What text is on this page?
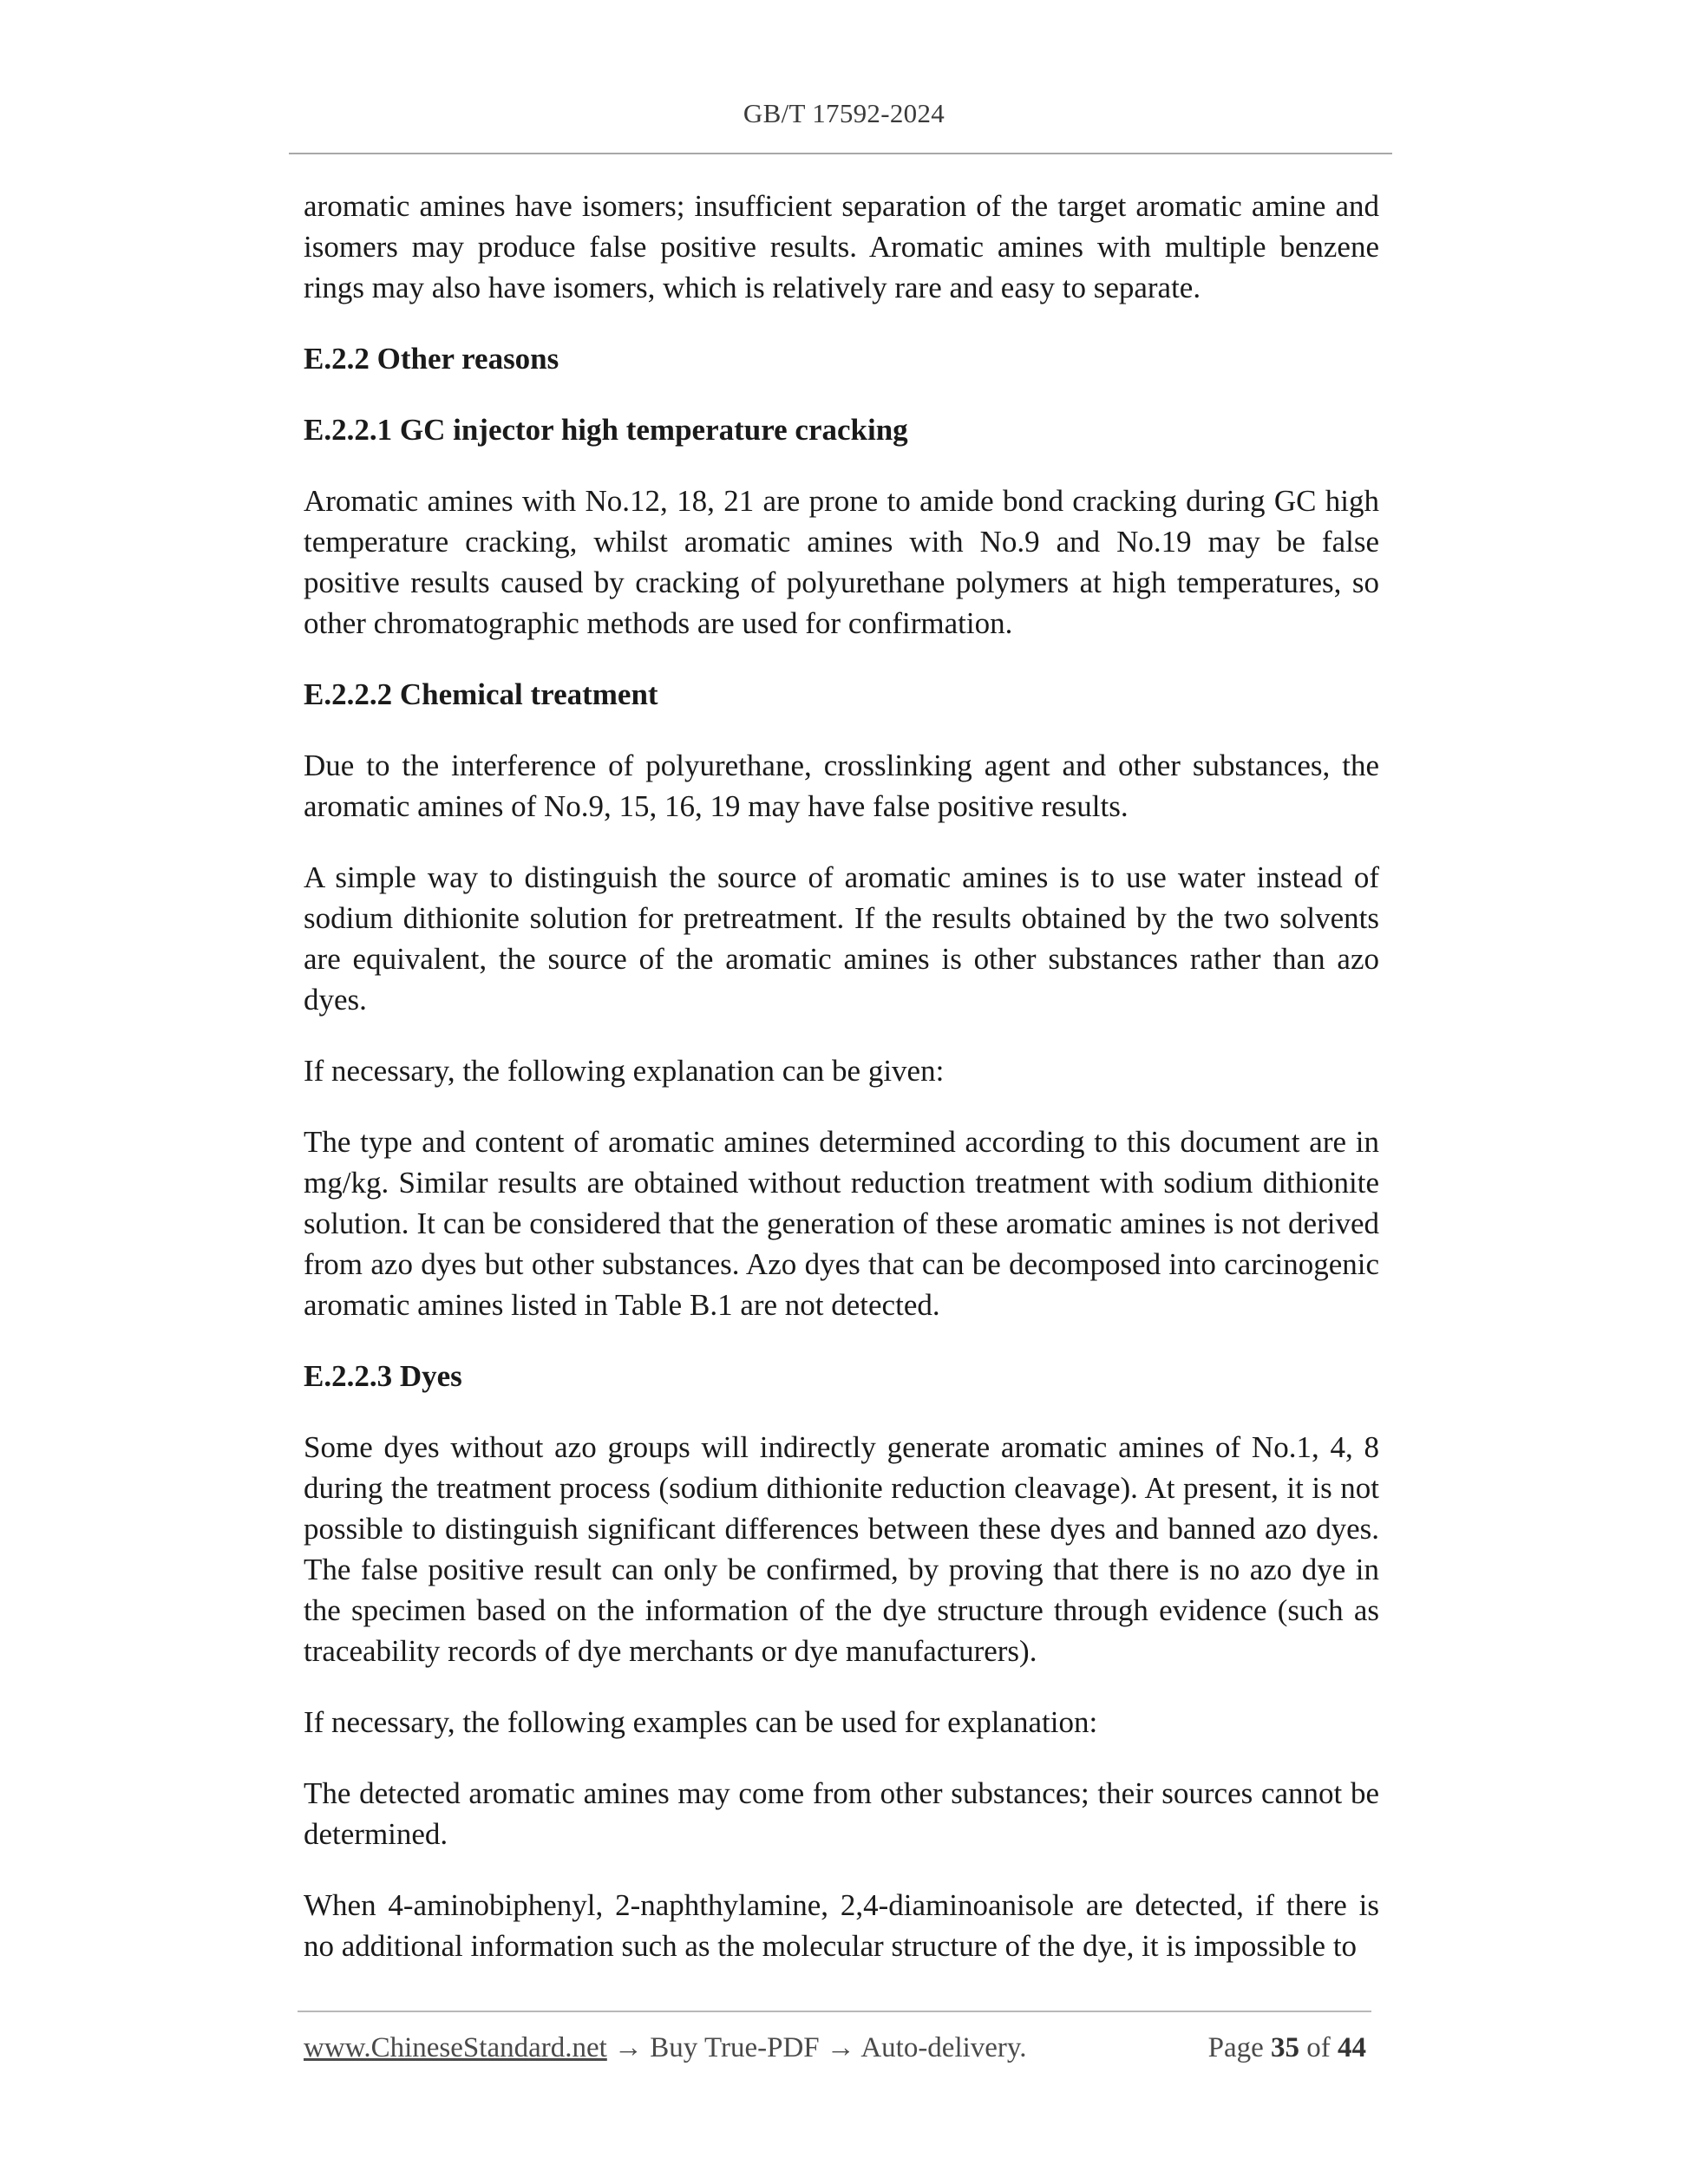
GB/T 17592-2024

aromatic amines have isomers; insufficient separation of the target aromatic amine and isomers may produce false positive results. Aromatic amines with multiple benzene rings may also have isomers, which is relatively rare and easy to separate.

E.2.2 Other reasons
E.2.2.1 GC injector high temperature cracking

Aromatic amines with No.12, 18, 21 are prone to amide bond cracking during GC high temperature cracking, whilst aromatic amines with No.9 and No.19 may be false positive results caused by cracking of polyurethane polymers at high temperatures, so other chromatographic methods are used for confirmation.

E.2.2.2 Chemical treatment

Due to the interference of polyurethane, crosslinking agent and other substances, the aromatic amines of No.9, 15, 16, 19 may have false positive results.

A simple way to distinguish the source of aromatic amines is to use water instead of sodium dithionite solution for pretreatment. If the results obtained by the two solvents are equivalent, the source of the aromatic amines is other substances rather than azo dyes.

If necessary, the following explanation can be given:

The type and content of aromatic amines determined according to this document are in mg/kg. Similar results are obtained without reduction treatment with sodium dithionite solution. It can be considered that the generation of these aromatic amines is not derived from azo dyes but other substances. Azo dyes that can be decomposed into carcinogenic aromatic amines listed in Table B.1 are not detected.

E.2.2.3 Dyes

Some dyes without azo groups will indirectly generate aromatic amines of No.1, 4, 8 during the treatment process (sodium dithionite reduction cleavage). At present, it is not possible to distinguish significant differences between these dyes and banned azo dyes. The false positive result can only be confirmed, by proving that there is no azo dye in the specimen based on the information of the dye structure through evidence (such as traceability records of dye merchants or dye manufacturers).

If necessary, the following examples can be used for explanation:

The detected aromatic amines may come from other substances; their sources cannot be determined.

When 4-aminobiphenyl, 2-naphthylamine, 2,4-diaminoanisole are detected, if there is no additional information such as the molecular structure of the dye, it is impossible to

www.ChineseStandard.net → Buy True-PDF → Auto-delivery.	Page 35 of 44
